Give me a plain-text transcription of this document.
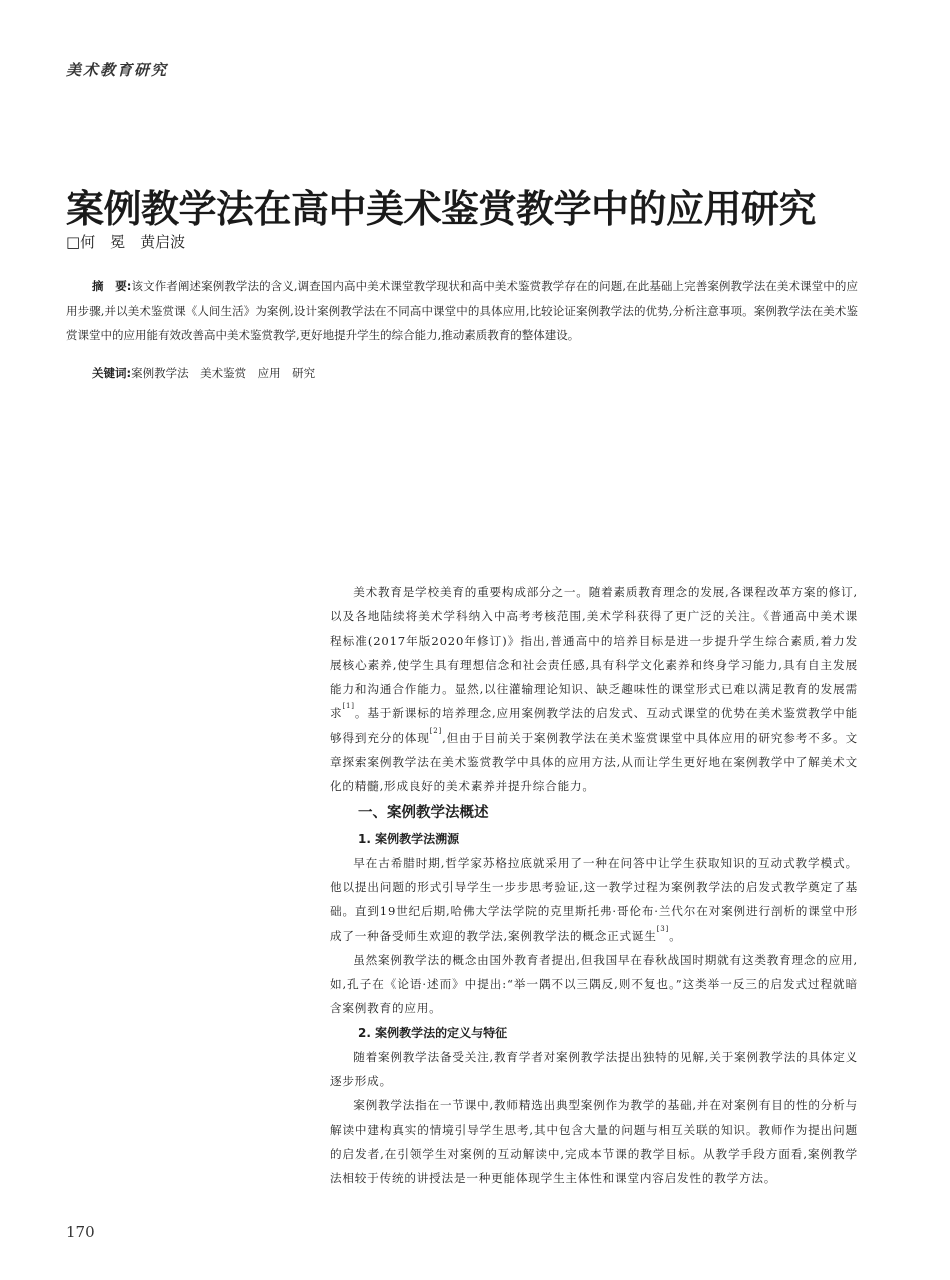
美术教育研究
案例教学法在高中美术鉴赏教学中的应用研究
□何　冕　黄启波

摘　要:该文作者阐述案例教学法的含义,调查国内高中美术课堂教学现状和高中美术鉴赏教学存在的问题,在此基础上完善案例教学法在美术课堂中的应用步骤,并以美术鉴赏课《人间生活》为案例,设计案例教学法在不同高中课堂中的具体应用,比较论证案例教学法的优势,分析注意事项。案例教学法在美术鉴赏课堂中的应用能有效改善高中美术鉴赏教学,更好地提升学生的综合能力,推动素质教育的整体建设。

关键词:案例教学法　美术鉴赏　应用　研究

美术教育是学校美育的重要构成部分之一。随着素质教育理念的发展,各课程改革方案的修订,以及各地陆续将美术学科纳入中高考考核范围,美术学科获得了更广泛的关注。《普通高中美术课程标准(2017年版2020年修订)》指出,普通高中的培养目标是进一步提升学生综合素质,着力发展核心素养,使学生具有理想信念和社会责任感,具有科学文化素养和终身学习能力,具有自主发展能力和沟通合作能力。显然,以往灌输理论知识、缺乏趣味性的课堂形式已难以满足教育的发展需求[1]。基于新课标的培养理念,应用案例教学法的启发式、互动式课堂的优势在美术鉴赏教学中能够得到充分的体现[2],但由于目前关于案例教学法在美术鉴赏课堂中具体应用的研究参考不多。文章探索案例教学法在美术鉴赏教学中具体的应用方法,从而让学生更好地在案例教学中了解美术文化的精髓,形成良好的美术素养并提升综合能力。

一、案例教学法概述
1. 案例教学法溯源

早在古希腊时期,哲学家苏格拉底就采用了一种在问答中让学生获取知识的互动式教学模式。他以提出问题的形式引导学生一步步思考验证,这一教学过程为案例教学法的启发式教学奠定了基础。直到19世纪后期,哈佛大学法学院的克里斯托弗·哥伦布·兰代尔在对案例进行剖析的课堂中形成了一种备受师生欢迎的教学法,案例教学法的概念正式诞生[3]。

虽然案例教学法的概念由国外教育者提出,但我国早在春秋战国时期就有这类教育理念的应用,如,孔子在《论语·述而》中提出:“举一隅不以三隅反,则不复也。”这类举一反三的启发式过程就暗含案例教育的应用。

2. 案例教学法的定义与特征

随着案例教学法备受关注,教育学者对案例教学法提出独特的见解,关于案例教学法的具体定义逐步形成。

案例教学法指在一节课中,教师精选出典型案例作为教学的基础,并在对案例有目的性的分析与解读中建构真实的情境引导学生思考,其中包含大量的问题与相互关联的知识。教师作为提出问题的启发者,在引领学生对案例的互动解读中,完成本节课的教学目标。从教学手段方面看,案例教学法相较于传统的讲授法是一种更能体现学生主体性和课堂内容启发性的教学方法。

170
